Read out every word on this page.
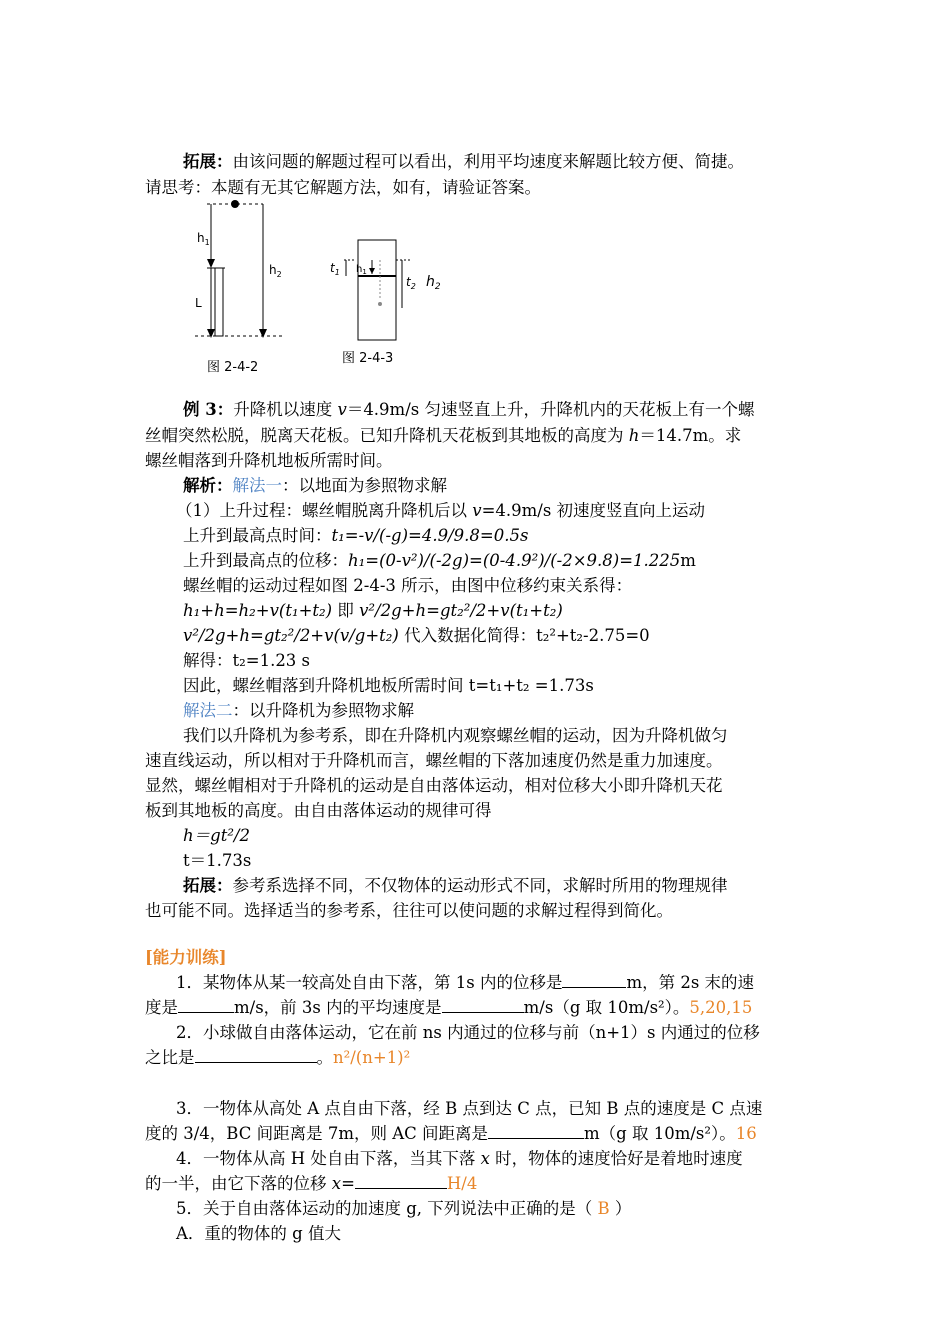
拓展：由该问题的解题过程可以看出，利用平均速度来解题比较方便、简捷。
请思考：本题有无其它解题方法，如有，请验证答案。
$h_1$
$h_2$
L
图 2-4-2
$h_1$
$t_1$
$t_2$ $h_2$
图 2-4-3
例 3：升降机以速度 v＝4.9m/s 匀速竖直上升，升降机内的天花板上有一个螺
丝帽突然松脱，脱离天花板。已知升降机天花板到其地板的高度为 h＝14.7m。求
螺丝帽落到升降机地板所需时间。
解析：解法一：以地面为参照物求解
（1）上升过程：螺丝帽脱离升降机后以 v=4.9m/s 初速度竖直向上运动
上升到最高点时间：t₁=-v/(-g)=4.9/9.8=0.5s
上升到最高点的位移：h₁=(0-v²)/(-2g)=(0-4.9²)/(-2×9.8)=1.225m
螺丝帽的运动过程如图 2-4-3 所示，由图中位移约束关系得：
h₁+h=h₂+v(t₁+t₂) 即 v²/2g+h=gt₂²/2+v(t₁+t₂)
v²/2g+h=gt₂²/2+v(v/g+t₂) 代入数据化简得：t₂²+t₂-2.75=0
解得：t₂=1.23 s
因此，螺丝帽落到升降机地板所需时间 t=t₁+t₂ =1.73s
解法二：以升降机为参照物求解
我们以升降机为参考系，即在升降机内观察螺丝帽的运动，因为升降机做匀
速直线运动，所以相对于升降机而言，螺丝帽的下落加速度仍然是重力加速度。
显然，螺丝帽相对于升降机的运动是自由落体运动，相对位移大小即升降机天花
板到其地板的高度。由自由落体运动的规律可得
h＝gt²/2
t＝1.73s
拓展：参考系选择不同，不仅物体的运动形式不同，求解时所用的物理规律
也可能不同。选择适当的参考系，往往可以使问题的求解过程得到简化。
[能力训练]
1．某物体从某一较高处自由下落，第 1s 内的位移是	m，第 2s 末的速
度是	m/s，前 3s 内的平均速度是	m/s（g 取 10m/s²）。5,20,15
2．小球做自由落体运动，它在前 ns 内通过的位移与前（n+1）s 内通过的位移
之比是	。n²/(n+1)²
3．一物体从高处 A 点自由下落，经 B 点到达 C 点，已知 B 点的速度是 C 点速
度的 3/4，BC 间距离是 7m，则 AC 间距离是	m（g 取 10m/s²）。16
4．一物体从高 H 处自由下落，当其下落 x 时，物体的速度恰好是着地时速度
的一半，由它下落的位移 x=	H/4
5．关于自由落体运动的加速度 g, 下列说法中正确的是（ B ）
A．重的物体的 g 值大
